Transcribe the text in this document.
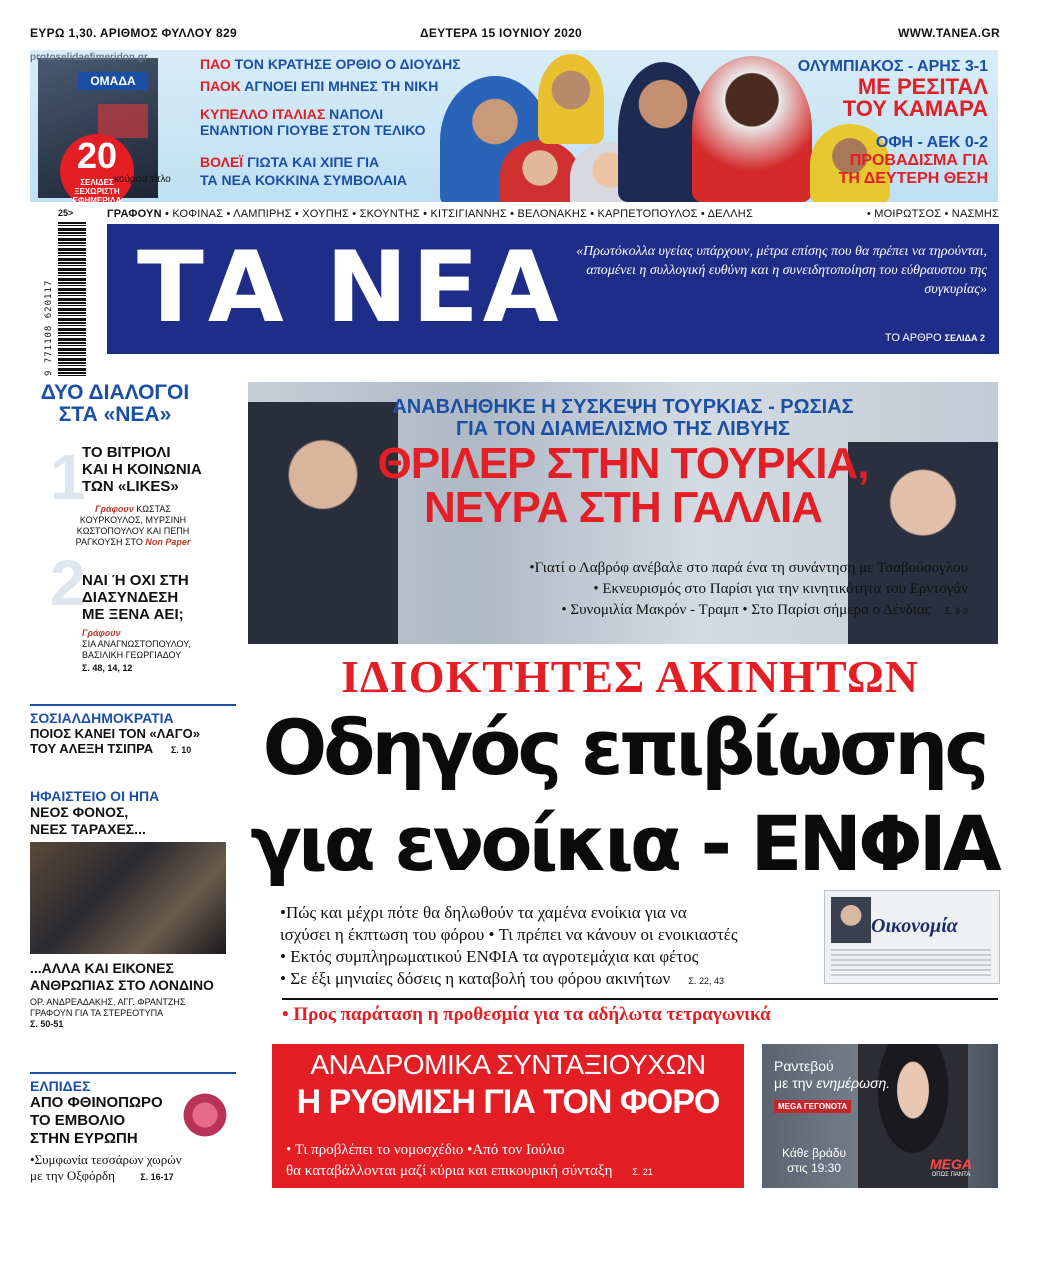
ΕΥΡΩ 1,30. ΑΡΙΘΜΟΣ ΦΥΛΛΟΥ 829	ΔΕΥΤΕΡΑ 15 ΙΟΥΝΙΟΥ 2020	WWW.TANEA.GR
ΟΜΑΔΑ
20
ΣΕΛΙΔΕΣ ΞΕΧΩΡΙΣΤΗ ΕΦΗΜΕΡΙΔΑ
ΠΑΟ ΤΟΝ ΚΡΑΤΗΣΕ ΟΡΘΙΟ Ο ΔΙΟΥΔΗΣ
ΠΑΟΚ ΑΓΝΟΕΙ ΕΠΙ ΜΗΝΕΣ ΤΗ ΝΙΚΗ
ΚΥΠΕΛΛΟ ΙΤΑΛΙΑΣ ΝΑΠΟΛΙ
ΕΝΑΝΤΙΟΝ ΓΙΟΥΒΕ ΣΤΟΝ ΤΕΛΙΚΟ
ΒΟΛΕΪ ΓΙΩΤΑ ΚΑΙ ΧΙΠΕ ΓΙΑ
ΤΑ ΝΕΑ ΚΟΚΚΙΝΑ ΣΥΜΒΟΛΑΙΑ
ΟΛΥΜΠΙΑΚΟΣ - ΑΡΗΣ 3-1
ΜΕ ΡΕΣΙΤΑΛ
ΤΟΥ ΚΑΜΑΡΑ
ΟΦΗ - ΑΕΚ 0-2
ΠΡΟΒΑΔΙΣΜΑ ΓΙΑ
ΤΗ ΔΕΥΤΕΡΗ ΘΕΣΗ
protoselidaefimeridon.gr
κούρσα τίτλο
ΓΡΑΦΟΥΝ • ΚΟΦΙΝΑΣ • ΛΑΜΠΙΡΗΣ • ΧΟΥΠΗΣ • ΣΚΟΥΝΤΗΣ • ΚΙΤΣΙΓΙΑΝΝΗΣ • ΒΕΛΟΝΑΚΗΣ • ΚΑΡΠΕΤΟΠΟΥΛΟΣ • ΔΕΛΛΗΣ	• ΜΟΙΡΩΤΣΟΣ • ΝΑΣΜΗΣ
25>
9 771108 620117 ΤΑ ΝΕΑ «Πρωτόκολλα υγείας υπάρχουν, μέτρα επίσης που θα πρέπει να τηρούνται, απομένει η συλλογική ευθύνη και η συνειδητοποίηση του εύθραυστου της συγκυρίας»
ΤΟ ΑΡΘΡΟ ΣΕΛΙΔΑ 2
ΔΥΟ ΔΙΑΛΟΓΟΙ
ΣΤΑ «ΝΕΑ»
1
ΤΟ ΒΙΤΡΙΟΛΙ
ΚΑΙ Η ΚΟΙΝΩΝΙΑ
ΤΩΝ «LIKES»
Γράφουν ΚΩΣΤΑΣ
ΚΟΥΡΚΟΥΛΟΣ, ΜΥΡΣΙΝΗ
ΚΩΣΤΟΠΟΥΛΟΥ ΚΑΙ ΠΕΠΗ
ΡΑΓΚΟΥΣΗ ΣΤΟ Non Paper
2
ΝΑΙ Ή ΟΧΙ ΣΤΗ
ΔΙΑΣΥΝΔΕΣΗ
ΜΕ ΞΕΝΑ ΑΕΙ;
Γράφουν
ΣΙΑ ΑΝΑΓΝΩΣΤΟΠΟΥΛΟΥ,
ΒΑΣΙΛΙΚΗ ΓΕΩΡΓΙΑΔΟΥ
Σ. 48, 14, 12
ΣΟΣΙΑΛΔΗΜΟΚΡΑΤΙΑ
ΠΟΙΟΣ ΚΑΝΕΙ ΤΟΝ «ΛΑΓΟ»
ΤΟΥ ΑΛΕΞΗ ΤΣΙΠΡΑ Σ. 10
ΗΦΑΙΣΤΕΙΟ ΟΙ ΗΠΑ
ΝΕΟΣ ΦΟΝΟΣ,
ΝΕΕΣ ΤΑΡΑΧΕΣ...
...ΑΛΛΑ ΚΑΙ ΕΙΚΟΝΕΣ
ΑΝΘΡΩΠΙΑΣ ΣΤΟ ΛΟΝΔΙΝΟ
ΟΡ. ΑΝΔΡΕΑΔΑΚΗΣ, ΑΓΓ. ΦΡΑΝΤΖΗΣ
ΓΡΑΦΟΥΝ ΓΙΑ ΤΑ ΣΤΕΡΕΟΤΥΠΑ
Σ. 50-51
ΕΛΠΙΔΕΣ
ΑΠΟ ΦΘΙΝΟΠΩΡΟ
ΤΟ ΕΜΒΟΛΙΟ
ΣΤΗΝ ΕΥΡΩΠΗ
•Συμφωνία τεσσάρων χωρών
με την Οξφόρδη	Σ. 16-17
ΑΝΑΒΛΗΘΗΚΕ Η ΣΥΣΚΕΨΗ ΤΟΥΡΚΙΑΣ - ΡΩΣΙΑΣ
ΓΙΑ ΤΟΝ ΔΙΑΜΕΛΙΣΜΟ ΤΗΣ ΛΙΒΥΗΣ
ΘΡΙΛΕΡ ΣΤΗΝ ΤΟΥΡΚΙΑ,
ΝΕΥΡΑ ΣΤΗ ΓΑΛΛΙΑ
•Γιατί ο Λαβρόφ ανέβαλε στο παρά ένα τη συνάντηση με Τσαβούσογλου
• Εκνευρισμός στο Παρίσι για την κινητικότητα του Ερντογάν
• Συνομιλία Μακρόν - Τραμπ • Στο Παρίσι σήμερα ο Δένδιας Σ. 8-9
ΙΔΙΟΚΤΗΤΕΣ ΑΚΙΝΗΤΩΝ
Οδηγός επιβίωσης
για ενοίκια - ΕΝΦΙΑ
•Πώς και μέχρι πότε θα δηλωθούν τα χαμένα ενοίκια για να
ισχύσει η έκπτωση του φόρου • Τι πρέπει να κάνουν οι ενοικιαστές
• Εκτός συμπληρωματικού ΕΝΦΙΑ τα αγροτεμάχια και φέτος
• Σε έξι μηνιαίες δόσεις η καταβολή του φόρου ακινήτων Σ. 22, 43
Οικονομία
• Προς παράταση η προθεσμία για τα αδήλωτα τετραγωνικά
ΑΝΑΔΡΟΜΙΚΑ ΣΥΝΤΑΞΙΟΥΧΩΝ
Η ΡΥΘΜΙΣΗ ΓΙΑ ΤΟΝ ΦΟΡΟ
• Τι προβλέπει το νομοσχέδιο •Από τον Ιούλιο
θα καταβάλλονται μαζί κύρια και επικουρική σύνταξη Σ. 21
Ραντεβού
με την ενημέρωση.
MEGA ΓΕΓΟΝΟΤΑ
Κάθε βράδυ
στις 19:30	MEGA
ΟΠΩΣ ΠΑΝΤΑ
